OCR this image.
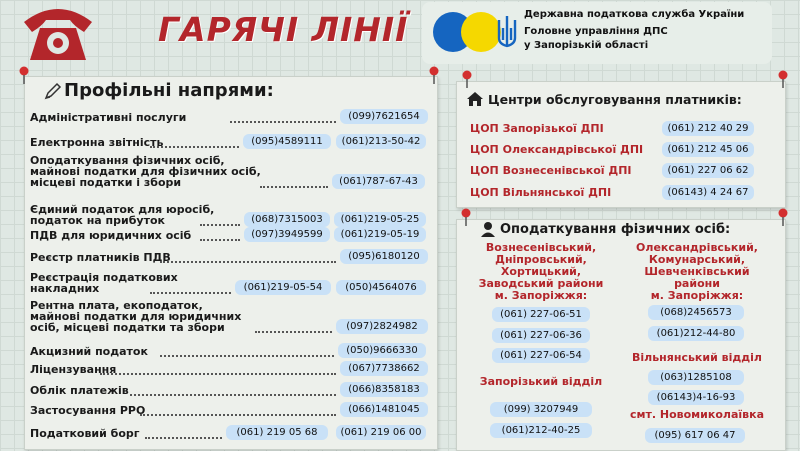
ГАРЯЧІ ЛІНІЇ	Державна податкова служба України
Головне управління ДПС
у Запорізькій області
Профільні напрями:
Адміністративні послуги	(099)7621654
Електронна звітність	(095)4589111	(061)213-50-42
Оподаткування фізичних осіб,
майнові податки для фізичних осіб,
місцеві податки і збори	(061)787-67-43
Єдиний податок для юросіб,
податок на прибуток	(068)7315003	(061)219-05-25
ПДВ для юридичних осіб	(097)3949599	(061)219-05-19
Реєстр платників ПДВ	(095)6180120
Реєстрація податкових
накладних	(061)219-05-54	(050)4564076
Рентна плата, екоподаток,
майнові податки для юридичних
осіб, місцеві податки та збори	(097)2824982
Акцизний податок	(050)9666330
Ліцензування	(067)7738662
Облік платежів	(066)8358183
Застосування РРО	(066)1481045
Податковий борг	(061) 219 05 68	(061) 219 06 00
Центри обслуговування платників:
ЦОП Запорізької ДПІ	(061) 212 40 29
ЦОП Олександрівської ДПІ	(061) 212 45 06
ЦОП Вознесенівської ДПІ	(061) 227 06 62
ЦОП Вільнянської ДПІ	(06143) 4 24 67
Оподаткування фізичних осіб:
Вознесенівський,
Дніпровський,
Хортицький,
Заводський райони
м. Запоріжжя:
Олександрівський,
Комунарський,
Шевченківський
райони
м. Запоріжжя:
(061) 227-06-51
(061) 227-06-36
(061) 227-06-54
Запорізький відділ
(099) 3207949
(061)212-40-25
(068)2456573
(061)212-44-80
Вільнянський відділ
(063)1285108
(06143)4-16-93
смт. Новомиколаївка
(095) 617 06 47
